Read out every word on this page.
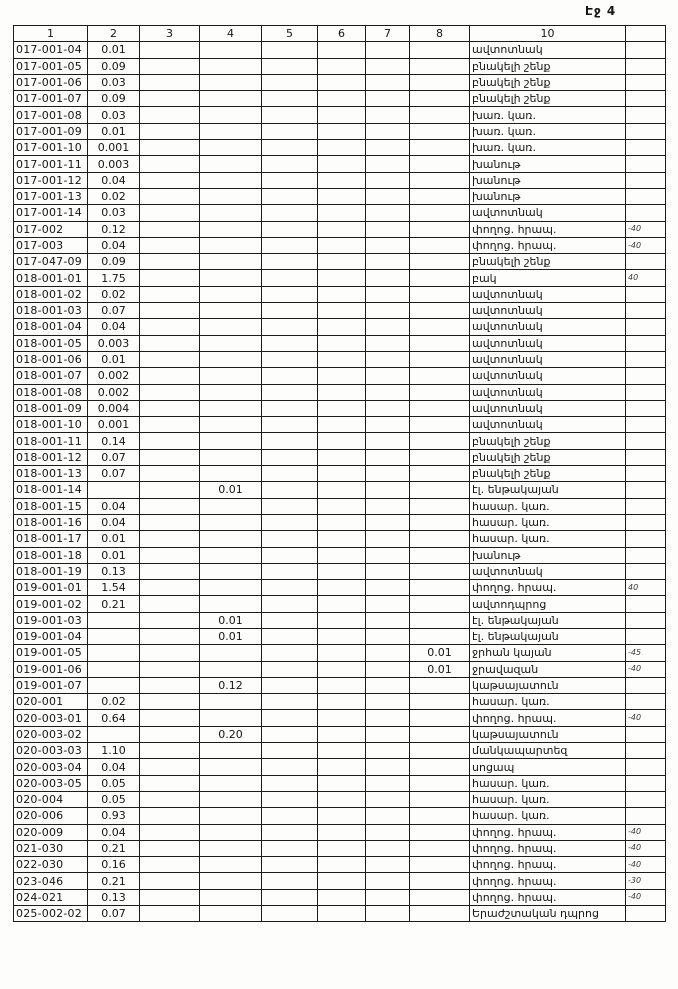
Էջ 4
1	2	3	4	5	6	7	8	10	
017-001-04	0.01							ավտոտնակ	
017-001-05	0.09							բնակելի շենք	
017-001-06	0.03							բնակելի շենք	
017-001-07	0.09							բնակելի շենք	
017-001-08	0.03							խառ. կառ.	
017-001-09	0.01							խառ. կառ.	
017-001-10	0.001							խառ. կառ.	
017-001-11	0.003							խանութ	
017-001-12	0.04							խանութ	
017-001-13	0.02							խանութ	
017-001-14	0.03							ավտոտնակ	
017-002	0.12							փողոց. հրապ.	-40
017-003	0.04							փողոց. հրապ.	-40
017-047-09	0.09							բնակելի շենք	
018-001-01	1.75							բակ	40
018-001-02	0.02							ավտոտնակ	
018-001-03	0.07							ավտոտնակ	
018-001-04	0.04							ավտոտնակ	
018-001-05	0.003							ավտոտնակ	
018-001-06	0.01							ավտոտնակ	
018-001-07	0.002							ավտոտնակ	
018-001-08	0.002							ավտոտնակ	
018-001-09	0.004							ավտոտնակ	
018-001-10	0.001							ավտոտնակ	
018-001-11	0.14							բնակելի շենք	
018-001-12	0.07							բնակելի շենք	
018-001-13	0.07							բնակելի շենք	
018-001-14			0.01					էլ. ենթակայան	
018-001-15	0.04							հասար. կառ.	
018-001-16	0.04							հասար. կառ.	
018-001-17	0.01							հասար. կառ.	
018-001-18	0.01							խանութ	
018-001-19	0.13							ավտոտնակ	
019-001-01	1.54							փողոց. հրապ.	40
019-001-02	0.21							ավտոդպրոց	
019-001-03			0.01					էլ. ենթակայան	
019-001-04			0.01					էլ. ենթակայան	
019-001-05							0.01	ջրհան կայան	-45
019-001-06							0.01	ջրավազան	-40
019-001-07			0.12					կաթսայատուն	
020-001	0.02							հասար. կառ.	
020-003-01	0.64							փողոց. հրապ.	-40
020-003-02			0.20					կաթսայատուն	
020-003-03	1.10							մանկապարտեզ	
020-003-04	0.04							սոցապ	
020-003-05	0.05							հասար. կառ.	
020-004	0.05							հասար. կառ.	
020-006	0.93							հասար. կառ.	
020-009	0.04							փողոց. հրապ.	-40
021-030	0.21							փողոց. հրապ.	-40
022-030	0.16							փողոց. հրապ.	-40
023-046	0.21							փողոց. հրապ.	-30
024-021	0.13							փողոց. հրապ.	-40
025-002-02	0.07							Երաժշտական դպրոց	
